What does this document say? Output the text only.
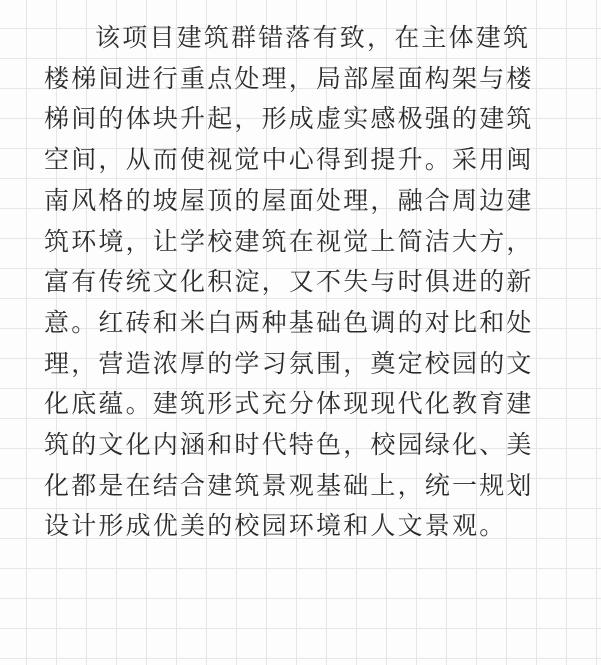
该项目建筑群错落有致，在主体建筑
楼梯间进行重点处理，局部屋面构架与楼
梯间的体块升起，形成虚实感极强的建筑
空间，从而使视觉中心得到提升。采用闽
南风格的坡屋顶的屋面处理，融合周边建
筑环境，让学校建筑在视觉上简洁大方，
富有传统文化积淀，又不失与时俱进的新
意。红砖和米白两种基础色调的对比和处
理，营造浓厚的学习氛围，奠定校园的文
化底蕴。建筑形式充分体现现代化教育建
筑的文化内涵和时代特色，校园绿化、美
化都是在结合建筑景观基础上，统一规划
设计形成优美的校园环境和人文景观。
